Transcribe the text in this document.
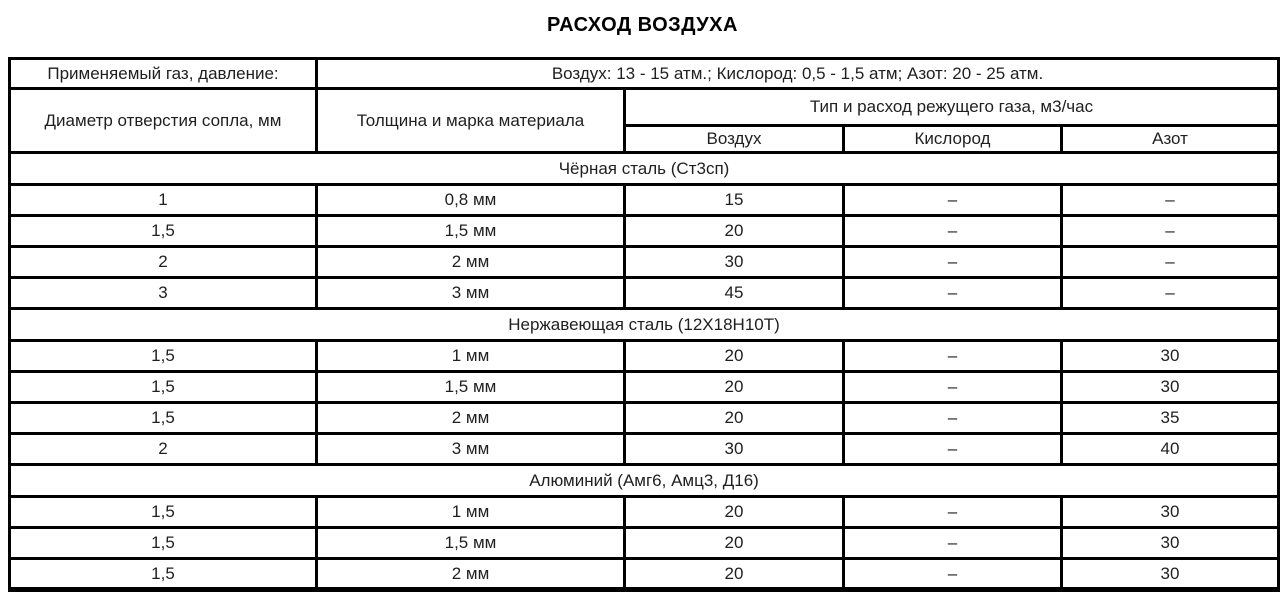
РАСХОД ВОЗДУХА
Применяемый газ, давление:	Воздух: 13 - 15 атм.; Кислород: 0,5 - 1,5 атм; Азот: 20 - 25 атм.			
Диаметр отверстия сопла, мм	Толщина и марка материала	Тип и расход режущего газа, м3/час		
		Воздух	Кислород	Азот
Чёрная сталь (Ст3сп)				
1	0,8 мм	15	–	–
1,5	1,5 мм	20	–	–
2	2 мм	30	–	–
3	3 мм	45	–	–
Нержавеющая сталь (12Х18Н10Т)				
1,5	1 мм	20	–	30
1,5	1,5 мм	20	–	30
1,5	2 мм	20	–	35
2	3 мм	30	–	40
Алюминий (Амг6, Амц3, Д16)				
1,5	1 мм	20	–	30
1,5	1,5 мм	20	–	30
1,5	2 мм	20	–	30
